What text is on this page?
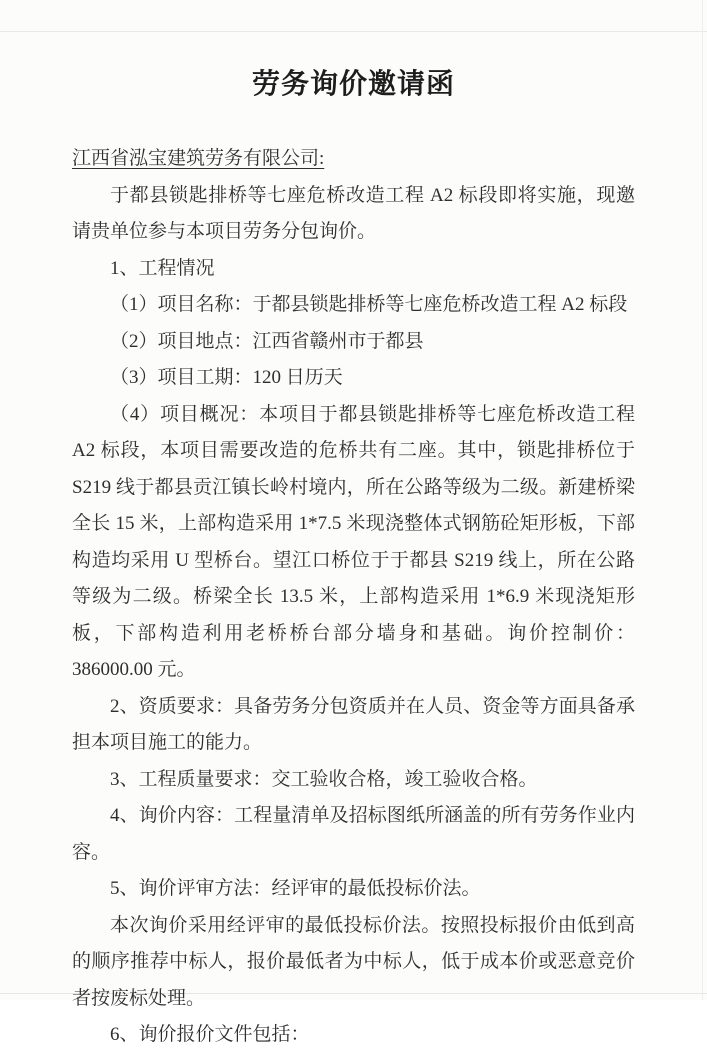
劳务询价邀请函

江西省泓宝建筑劳务有限公司:

于都县锁匙排桥等七座危桥改造工程 A2 标段即将实施，现邀请贵单位参与本项目劳务分包询价。

1、工程情况

（1）项目名称：于都县锁匙排桥等七座危桥改造工程 A2 标段

（2）项目地点：江西省赣州市于都县

（3）项目工期：120 日历天

（4）项目概况：本项目于都县锁匙排桥等七座危桥改造工程 A2 标段，本项目需要改造的危桥共有二座。其中，锁匙排桥位于 S219 线于都县贡江镇长岭村境内，所在公路等级为二级。新建桥梁全长 15 米，上部构造采用 1*7.5 米现浇整体式钢筋砼矩形板，下部构造均采用 U 型桥台。望江口桥位于于都县 S219 线上，所在公路等级为二级。桥梁全长 13.5 米，上部构造采用 1*6.9 米现浇矩形板，下部构造利用老桥桥台部分墙身和基础。询价控制价：386000.00 元。

2、资质要求：具备劳务分包资质并在人员、资金等方面具备承担本项目施工的能力。

3、工程质量要求：交工验收合格，竣工验收合格。

4、询价内容：工程量清单及招标图纸所涵盖的所有劳务作业内容。

5、询价评审方法：经评审的最低投标价法。

本次询价采用经评审的最低投标价法。按照投标报价由低到高的顺序推荐中标人，报价最低者为中标人，低于成本价或恶意竞价者按废标处理。

6、询价报价文件包括：
